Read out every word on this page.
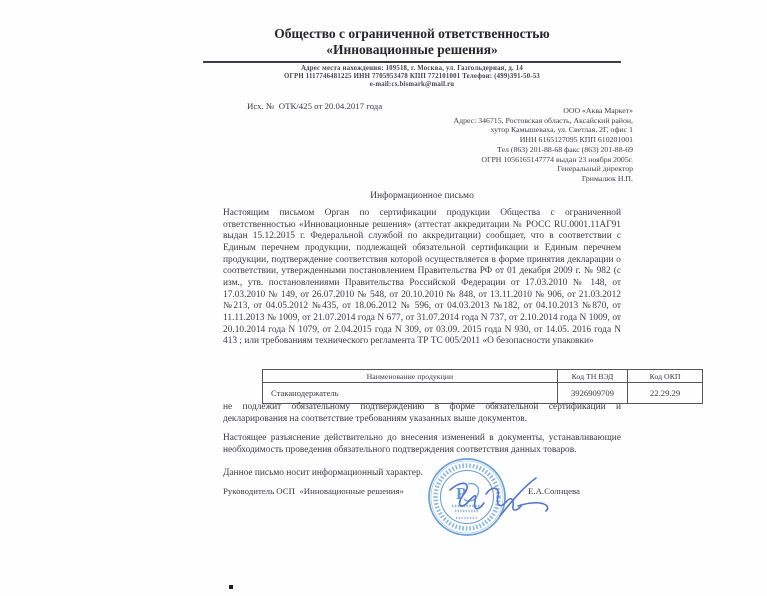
Общество с ограниченной ответственностью
«Инновационные решения»
Адрес места нахождения: 109518, г. Москва, ул. Газгольдерная, д. 14
ОГРН 1117746481225 ИНН 7705953478 КПП 772101001 Телефон: (499)391-50-53
e-mail:cs.bismark@mail.ru
Исх. №  ОТК/425 от 20.04.2017 года	ООО «Аква Маркет»
Адрес: 346715, Ростовская область, Аксайский район,
хутор Камышеваха, ул. Светлая, 2Г, офис 1
ИНН 6165127095 КПП 610201001
Тел (863) 201-88-68 факс (863) 201-88-69
ОГРН 1056165147774 выдан 23 ноября 2005г.
Генеральный директор
Грималюк Н.П.
Информационное письмо
Настоящим письмом Орган по сертификации продукции Общества с ограниченной ответственностью «Инновационные решения» (аттестат аккредитации № РОСС RU.0001.11АГ91 выдан 15.12.2015 г. Федеральной службой по аккредитации) сообщает, что в соответствии с Единым перечнем продукции, подлежащей обязательной сертификации и Единым перечнем продукции, подтверждение соответствия которой осуществляется в форме принятия декларации о соответствии, утвержденными постановлением Правительства РФ от 01 декабря 2009 г. № 982 (с изм., утв. постановлениями Правительства Российской Федерации от 17.03.2010 № 148, от 17.03.2010 № 149, от 26.07.2010 № 548, от 20.10.2010 № 848, от 13.11.2010 № 906, от 21.03.2012 №213, от 04.05.2012 №435, от 18.06.2012 № 596, от 04.03.2013 №182, от 04.10.2013 №870, от 11.11.2013 № 1009, от 21.07.2014 года N 677, от 31.07.2014 года N 737, от 2.10.2014 года N 1009, от 20.10.2014 года N 1079, от 2.04.2015 года N 309, от 03.09. 2015 года N 930, от 14.05. 2016 года N 413 ; или требованиям технического регламента ТР ТС 005/2011 «О безопасности упаковки»
Наименование продукции	Код ТН ВЭД	Код ОКП
Стаканодержатель	3926909709	22.29.29
не подлежит обязательному подтверждению в форме обязательной сертификации и декларирования на соответствие требованиям указанных выше документов.
Настоящее разъяснение действительно до внесения изменений в документы, устанавливающие необходимость проведения обязательного подтверждения соответствия данных товаров.
Данное письмо носит информационный характер.
Руководитель ОСП  «Инновационные решения»	Е.А.Солнцева
Р
